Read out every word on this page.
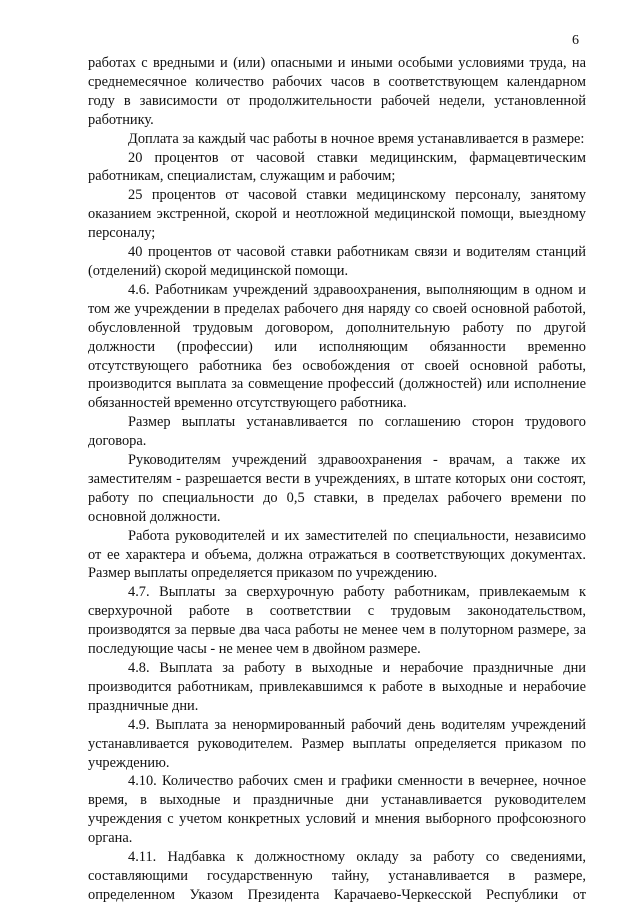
6

работах с вредными и (или) опасными и иными особыми условиями труда, на среднемесячное количество рабочих часов в соответствующем календарном году в зависимости от продолжительности рабочей недели, установленной работнику.

Доплата за каждый час работы в ночное время устанавливается в размере:

20 процентов от часовой ставки медицинским, фармацевтическим работникам, специалистам, служащим и рабочим;

25 процентов от часовой ставки медицинскому персоналу, занятому оказанием экстренной, скорой и неотложной медицинской помощи, выездному персоналу;

40 процентов от часовой ставки работникам связи и водителям станций (отделений) скорой медицинской помощи.

4.6. Работникам учреждений здравоохранения, выполняющим в одном и том же учреждении в пределах рабочего дня наряду со своей основной работой, обусловленной трудовым договором, дополнительную работу по другой должности (профессии) или исполняющим обязанности временно отсутствующего работника без освобождения от своей основной работы, производится выплата за совмещение профессий (должностей) или исполнение обязанностей временно отсутствующего работника.

Размер выплаты устанавливается по соглашению сторон трудового договора.

Руководителям учреждений здравоохранения - врачам, а также их заместителям - разрешается вести в учреждениях, в штате которых они состоят, работу по специальности до 0,5 ставки, в пределах рабочего времени по основной должности.

Работа руководителей и их заместителей по специальности, независимо от ее характера и объема, должна отражаться в соответствующих документах. Размер выплаты определяется приказом по учреждению.

4.7. Выплаты за сверхурочную работу работникам, привлекаемым к сверхурочной работе в соответствии с трудовым законодательством, производятся за первые два часа работы не менее чем в полуторном размере, за последующие часы - не менее чем в двойном размере.

4.8. Выплата за работу в выходные и нерабочие праздничные дни производится работникам, привлекавшимся к работе в выходные и нерабочие праздничные дни.

4.9. Выплата за ненормированный рабочий день водителям учреждений устанавливается руководителем. Размер выплаты определяется приказом по учреждению.

4.10. Количество рабочих смен и графики сменности в вечернее, ночное время, в выходные и праздничные дни устанавливается руководителем учреждения с учетом конкретных условий и мнения выборного профсоюзного органа.

4.11. Надбавка к должностному окладу за работу со сведениями, составляющими государственную тайну, устанавливается в размере, определенном Указом Президента Карачаево-Черкесской Республики от
